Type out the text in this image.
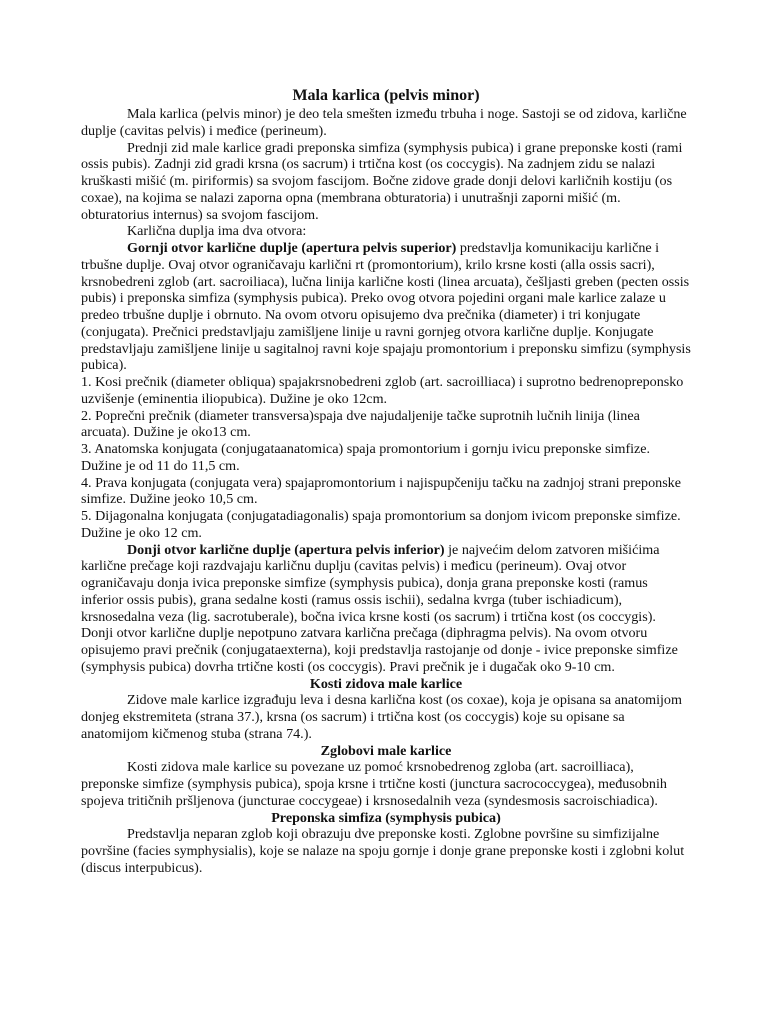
Mala karlica (pelvis minor)

Mala karlica (pelvis minor) je deo tela smešten između trbuha i noge. Sastoji se od zidova, karlične duplje (cavitas pelvis) i međice (perineum).

Prednji zid male karlice gradi preponska simfiza (symphysis pubica) i grane preponske kosti (rami ossis pubis). Zadnji zid gradi krsna (os sacrum) i trtična kost (os coccygis). Na zadnjem zidu se nalazi kruškasti mišić (m. piriformis) sa svojom fascijom. Bočne zidove grade donji delovi karličnih kostiju (os coxae), na kojima se nalazi zaporna opna (membrana obturatoria) i unutrašnji zaporni mišić (m. obturatorius internus) sa svojom fascijom.

Karlična duplja ima dva otvora:

Gornji otvor karlične duplje (apertura pelvis superior) predstavlja komunikaciju karlične i trbušne duplje. Ovaj otvor ograničavaju karlični rt (promontorium), krilo krsne kosti (alla ossis sacri), krsnobedreni zglob (art. sacroiliaca), lučna linija karlične kosti (linea arcuata), češljasti greben (pecten ossis pubis) i preponska simfiza (symphysis pubica). Preko ovog otvora pojedini organi male karlice zalaze u predeo trbušne duplje i obrnuto. Na ovom otvoru opisujemo dva prečnika (diameter) i tri konjugate (conjugata). Prečnici predstavljaju zamišljene linije u ravni gornjeg otvora karlične duplje. Konjugate predstavljaju zamišljene linije u sagitalnoj ravni koje spajaju promontorium i preponsku simfizu (symphysis pubica).

1. Kosi prečnik (diameter obliqua) spajakrsnobedreni zglob (art. sacroilliaca) i suprotno bedrenopreponsko uzvišenje (eminentia iliopubica). Dužine je oko 12cm.

2. Poprečni prečnik (diameter transversa)spaja dve najudaljenije tačke suprotnih lučnih linija (linea arcuata). Dužine je oko13 cm.

3. Anatomska konjugata (conjugataanatomica) spaja promontorium i gornju ivicu preponske simfize. Dužine je od 11 do 11,5 cm.

4. Prava konjugata (conjugata vera) spajapromontorium i najispupčeniju tačku na zadnjoj strani preponske simfize. Dužine jeoko 10,5 cm.

5. Dijagonalna konjugata (conjugatadiagonalis) spaja promontorium sa donjom ivicom preponske simfize. Dužine je oko 12 cm.

Donji otvor karlične duplje (apertura pelvis inferior) je najvećim delom zatvoren mišićima karlične prečage koji razdvajaju karličnu duplju (cavitas pelvis) i međicu (perineum). Ovaj otvor ograničavaju donja ivica preponske simfize (symphysis pubica), donja grana preponske kosti (ramus inferior ossis pubis), grana sedalne kosti (ramus ossis ischii), sedalna kvrga (tuber ischiadicum), krsnosedalna veza (lig. sacrotuberale), bočna ivica krsne kosti (os sacrum) i trtična kost (os coccygis). Donji otvor karlične duplje nepotpuno zatvara karlična prečaga (diphragma pelvis). Na ovom otvoru opisujemo pravi prečnik (conjugataexterna), koji predstavlja rastojanje od donje - ivice preponske simfize (symphysis pubica) dovrha trtične kosti (os coccygis). Pravi prečnik je i dugačak oko 9-10 cm.

Kosti zidova male karlice

Zidove male karlice izgrađuju leva i desna karlična kost (os coxae), koja je opisana sa anatomijom donjeg ekstremiteta (strana 37.), krsna (os sacrum) i trtična kost (os coccygis) koje su opisane sa anatomijom kičmenog stuba (strana 74.).

Zglobovi male karlice

Kosti zidova male karlice su povezane uz pomoć krsnobedrenog zgloba (art. sacroilliaca), preponske simfize (symphysis pubica), spoja krsne i trtične kosti (junctura sacrococcygea), međusobnih spojeva tritičnih pršljenova (juncturae coccygeae) i krsnosedalnih veza (syndesmosis sacroischiadica).

Preponska simfiza (symphysis pubica)

Predstavlja neparan zglob koji obrazuju dve preponske kosti. Zglobne površine su simfizijalne površine (facies symphysialis), koje se nalaze na spoju gornje i donje grane preponske kosti i zglobni kolut (discus interpubicus).
